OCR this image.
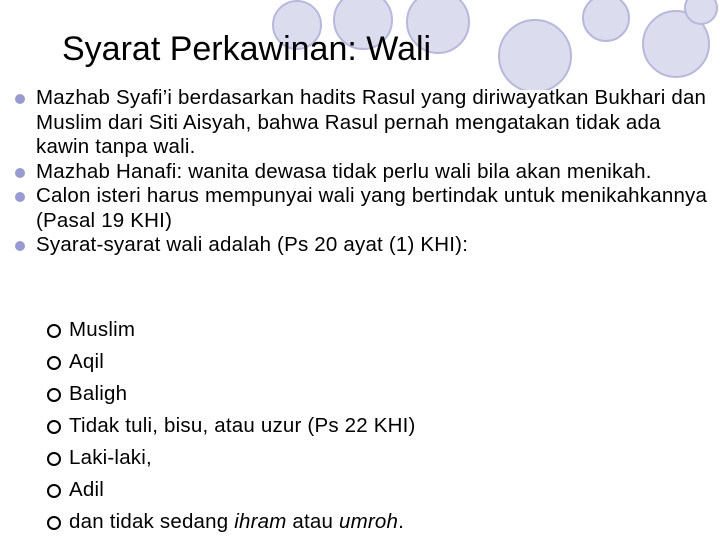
Syarat Perkawinan: Wali
Mazhab Syafi’i berdasarkan hadits Rasul yang diriwayatkan Bukhari dan Muslim dari Siti Aisyah, bahwa Rasul pernah mengatakan tidak ada kawin tanpa wali.
Mazhab Hanafi: wanita dewasa tidak perlu wali bila akan menikah.
Calon isteri harus mempunyai wali yang bertindak untuk menikahkannya (Pasal 19 KHI)
Syarat-syarat wali adalah (Ps 20 ayat (1) KHI):
Muslim
Aqil
Baligh
Tidak tuli, bisu, atau uzur (Ps 22 KHI)
Laki-laki,
Adil
dan tidak sedang ihram atau umroh.
